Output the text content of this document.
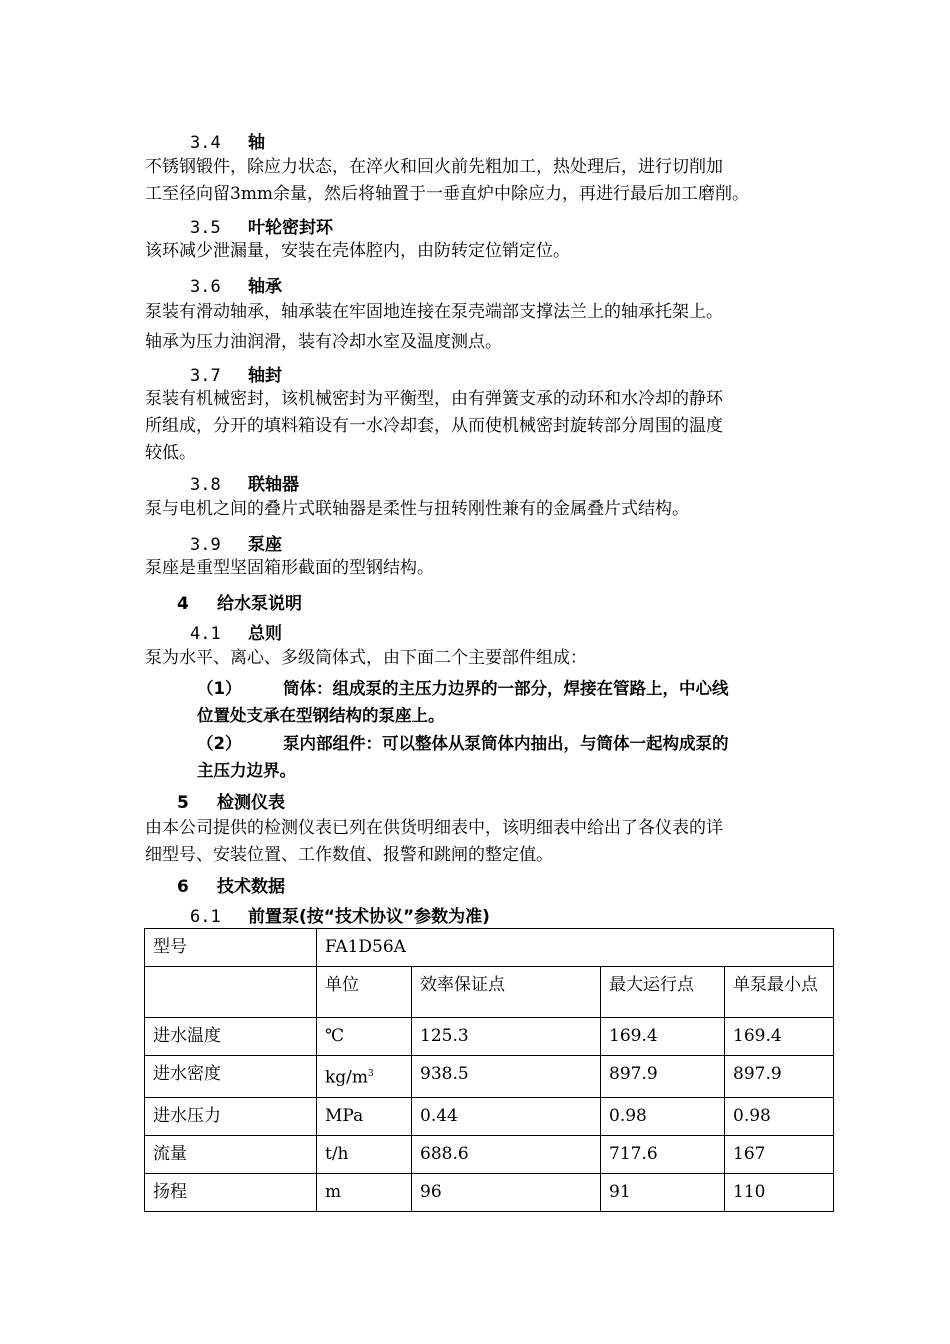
3.4 轴
不锈钢锻件，除应力状态，在淬火和回火前先粗加工，热处理后，进行切削加
工至径向留3mm余量，然后将轴置于一垂直炉中除应力，再进行最后加工磨削。
3.5 叶轮密封环
该环减少泄漏量，安装在壳体腔内，由防转定位销定位。
3.6 轴承
泵装有滑动轴承，轴承装在牢固地连接在泵壳端部支撑法兰上的轴承托架上。
轴承为压力油润滑，装有冷却水室及温度测点。
3.7 轴封
泵装有机械密封，该机械密封为平衡型，由有弹簧支承的动环和水冷却的静环
所组成，分开的填料箱设有一水冷却套，从而使机械密封旋转部分周围的温度
较低。
3.8 联轴器
泵与电机之间的叠片式联轴器是柔性与扭转刚性兼有的金属叠片式结构。
3.9 泵座
泵座是重型坚固箱形截面的型钢结构。
4 给水泵说明
4.1 总则
泵为水平、离心、多级筒体式，由下面二个主要部件组成：
（1）	筒体：组成泵的主压力边界的一部分，焊接在管路上，中心线
位置处支承在型钢结构的泵座上。
（2）	泵内部组件：可以整体从泵筒体内抽出，与筒体一起构成泵的
主压力边界。
5 检测仪表
由本公司提供的检测仪表已列在供货明细表中，该明细表中给出了各仪表的详
细型号、安装位置、工作数值、报警和跳闸的整定值。
6 技术数据
6.1 前置泵(按“技术协议”参数为准)
型号	FA1D56A			
	单位	效率保证点	最大运行点	单泵最小点
进水温度	℃	125.3	169.4	169.4
进水密度	$kg/m^3$	938.5	897.9	897.9
进水压力	MPa	0.44	0.98	0.98
流量	t/h	688.6	717.6	167
扬程	m	96	91	110
